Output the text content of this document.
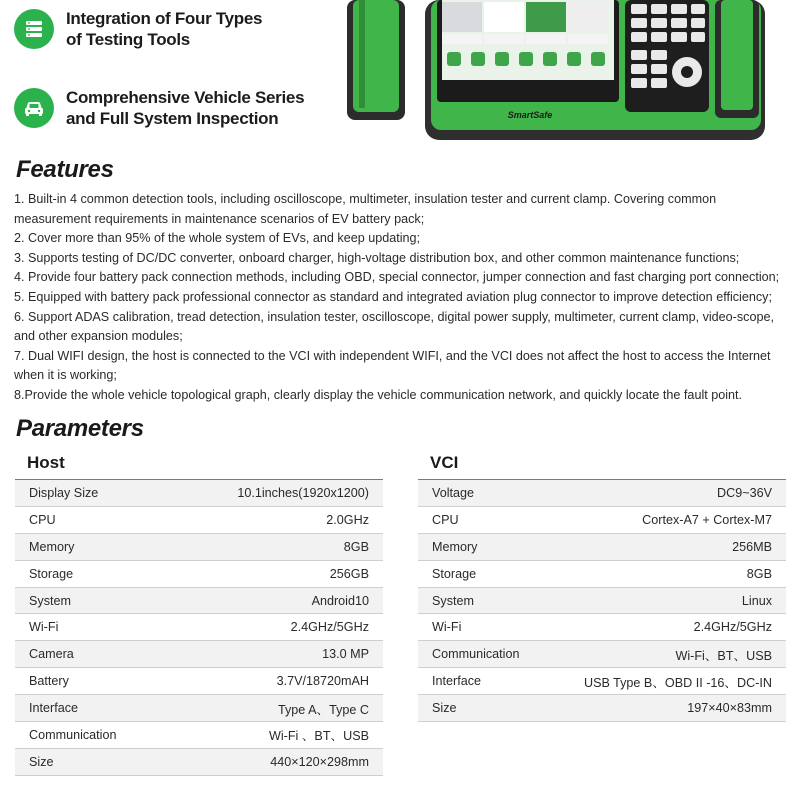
Integration of Four Types
of Testing Tools
Comprehensive Vehicle Series
and Full System Inspection	SmartSafe
Features

1. Built-in 4 common detection tools, including oscilloscope, multimeter, insulation tester and current clamp. Covering common measurement requirements in maintenance scenarios of EV battery pack;

2. Cover more than 95% of the whole system of EVs, and keep updating;

3. Supports testing of DC/DC converter, onboard charger, high-voltage distribution box, and other common maintenance functions;

4. Provide four battery pack connection methods, including OBD, special connector, jumper connection and fast charging port connection;

5. Equipped with battery pack professional connector as standard and integrated aviation plug connector to improve detection efficiency;

6. Support ADAS calibration, tread detection, insulation tester, oscilloscope, digital power supply, multimeter, current clamp, video-scope, and other expansion modules;

7. Dual WIFI design, the host is connected to the VCI with independent WIFI, and the VCI does not affect the host to access the Internet when it is working;

8.Provide the whole vehicle topological graph, clearly display the vehicle communication network, and quickly locate the fault point.

Parameters
Host
Display Size	10.1inches(1920x1200)
CPU	2.0GHz
Memory	8GB
Storage	256GB
System	Android10
Wi-Fi	2.4GHz/5GHz
Camera	13.0 MP
Battery	3.7V/18720mAH
Interface	Type A、Type C
Communication	Wi-Fi 、BT、USB
Size	440×120×298mm
VCI
Voltage	DC9~36V
CPU	Cortex-A7 + Cortex-M7
Memory	256MB
Storage	8GB
System	Linux
Wi-Fi	2.4GHz/5GHz
Communication	Wi-Fi、BT、USB
Interface	USB Type B、OBD II -16、DC-IN
Size	197×40×83mm
